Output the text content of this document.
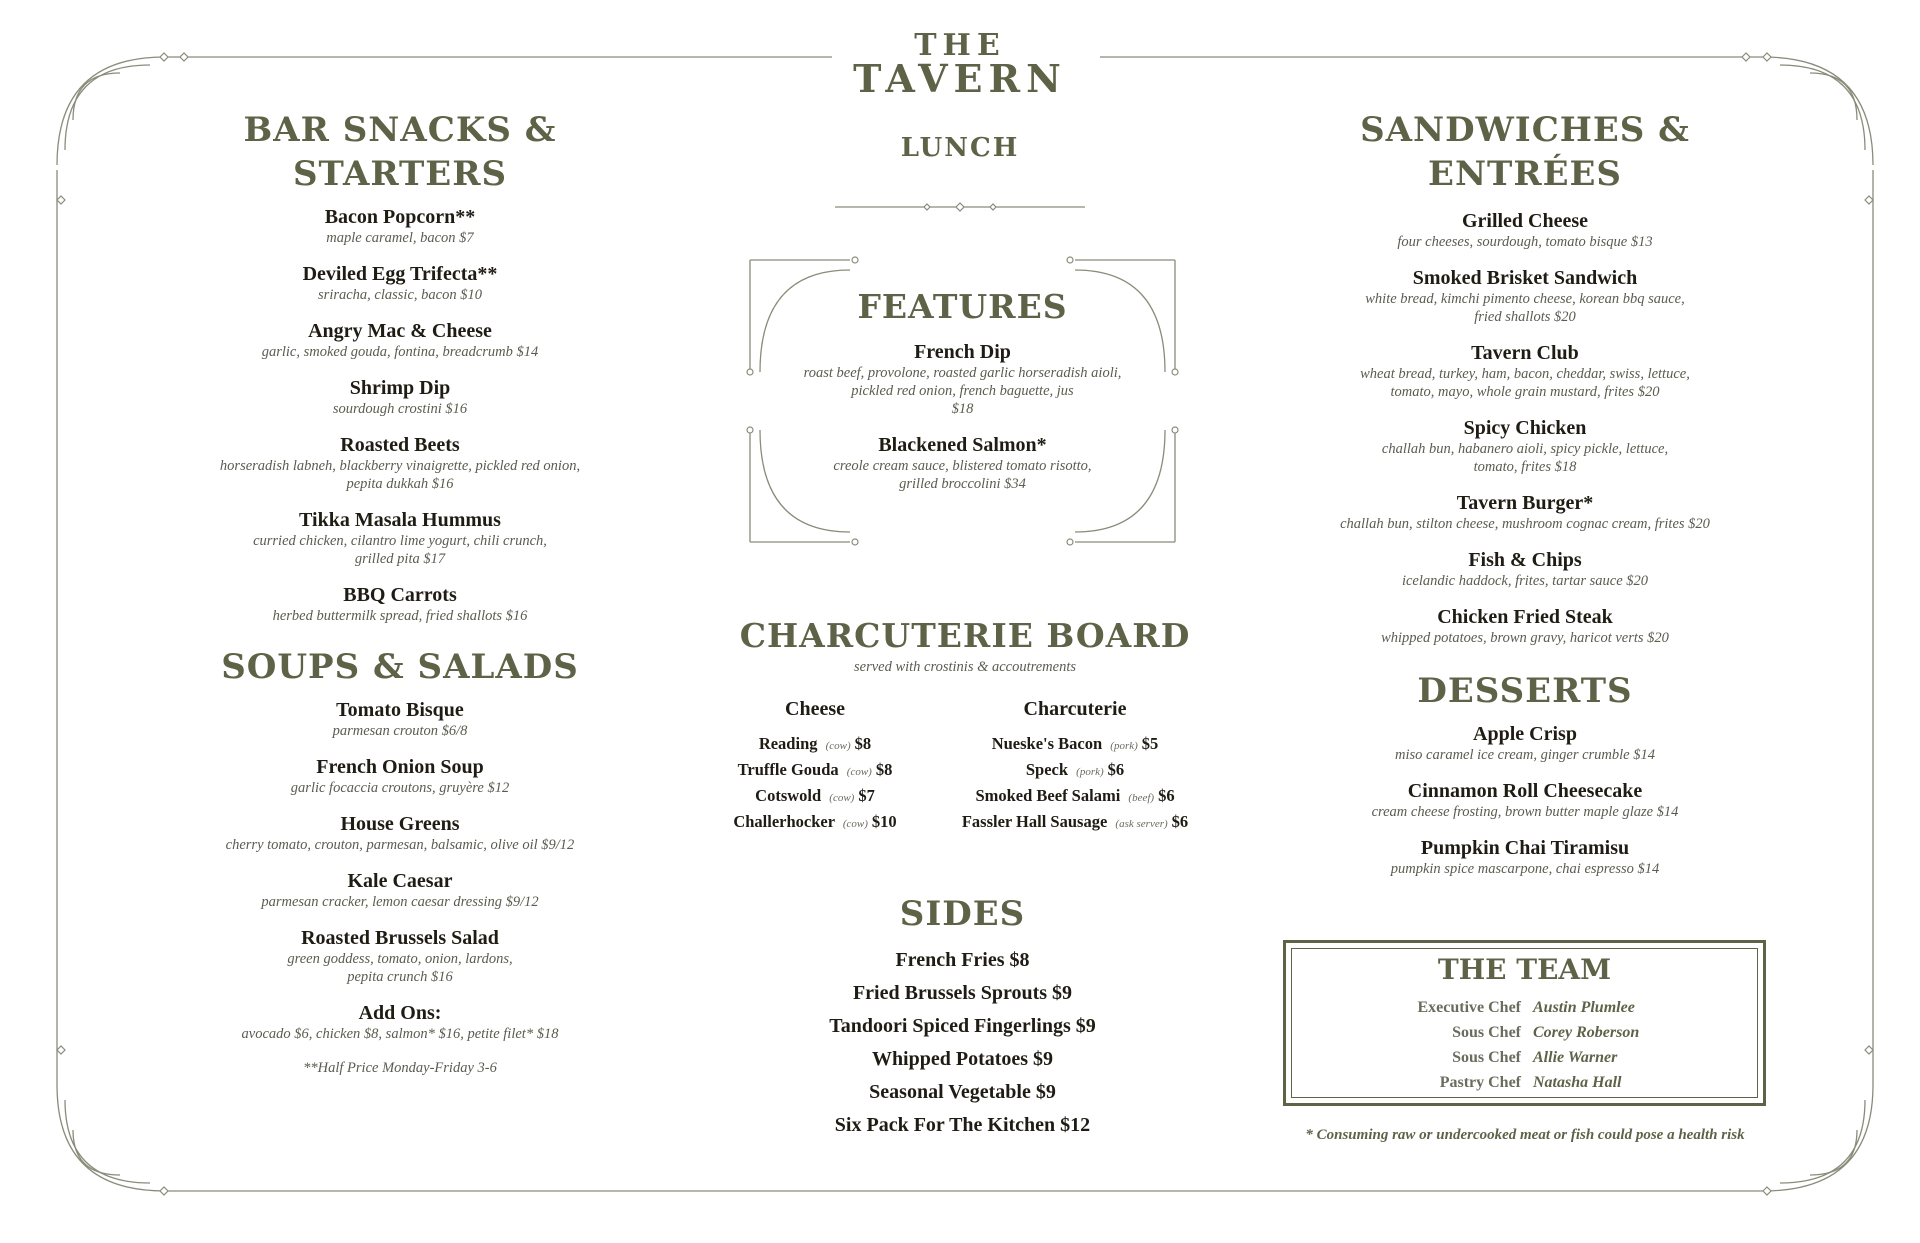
THE
TAVERN
LUNCH
BAR SNACKS & STARTERS
Bacon Popcorn**
maple caramel, bacon $7
Deviled Egg Trifecta**
sriracha, classic, bacon $10
Angry Mac & Cheese
garlic, smoked gouda, fontina, breadcrumb $14
Shrimp Dip
sourdough crostini $16
Roasted Beets
horseradish labneh, blackberry vinaigrette, pickled red onion,
pepita dukkah $16
Tikka Masala Hummus
curried chicken, cilantro lime yogurt, chili crunch,
grilled pita $17
BBQ Carrots
herbed buttermilk spread, fried shallots $16
SOUPS & SALADS
Tomato Bisque
parmesan crouton $6/8
French Onion Soup
garlic focaccia croutons, gruyère $12
House Greens
cherry tomato, crouton, parmesan, balsamic, olive oil $9/12
Kale Caesar
parmesan cracker, lemon caesar dressing $9/12
Roasted Brussels Salad
green goddess, tomato, onion, lardons,
pepita crunch $16
Add Ons:
avocado $6, chicken $8, salmon* $16, petite filet* $18
**Half Price Monday-Friday 3-6
FEATURES
French Dip
roast beef, provolone, roasted garlic horseradish aioli,
pickled red onion, french baguette, jus
$18
Blackened Salmon*
creole cream sauce, blistered tomato risotto,
grilled broccolini $34
CHARCUTERIE BOARD
served with crostinis & accoutrements
Cheese	Charcuterie
Reading (cow) $8
Truffle Gouda (cow) $8
Cotswold (cow) $7
Challerhocker (cow) $10
Nueske's Bacon (pork) $5
Speck (pork) $6
Smoked Beef Salami (beef) $6
Fassler Hall Sausage (ask server) $6
SIDES
French Fries $8
Fried Brussels Sprouts $9
Tandoori Spiced Fingerlings $9
Whipped Potatoes $9
Seasonal Vegetable $9
Six Pack For The Kitchen $12
SANDWICHES & ENTRÉES
Grilled Cheese
four cheeses, sourdough, tomato bisque $13
Smoked Brisket Sandwich
white bread, kimchi pimento cheese, korean bbq sauce,
fried shallots $20
Tavern Club
wheat bread, turkey, ham, bacon, cheddar, swiss, lettuce,
tomato, mayo, whole grain mustard, frites $20
Spicy Chicken
challah bun, habanero aioli, spicy pickle, lettuce,
tomato, frites $18
Tavern Burger*
challah bun, stilton cheese, mushroom cognac cream, frites $20
Fish & Chips
icelandic haddock, frites, tartar sauce $20
Chicken Fried Steak
whipped potatoes, brown gravy, haricot verts $20
DESSERTS
Apple Crisp
miso caramel ice cream, ginger crumble $14
Cinnamon Roll Cheesecake
cream cheese frosting, brown butter maple glaze $14
Pumpkin Chai Tiramisu
pumpkin spice mascarpone, chai espresso $14
THE TEAM
Executive Chef Austin Plumlee
Sous Chef Corey Roberson
Sous Chef Allie Warner
Pastry Chef Natasha Hall
* Consuming raw or undercooked meat or fish could pose a health risk
